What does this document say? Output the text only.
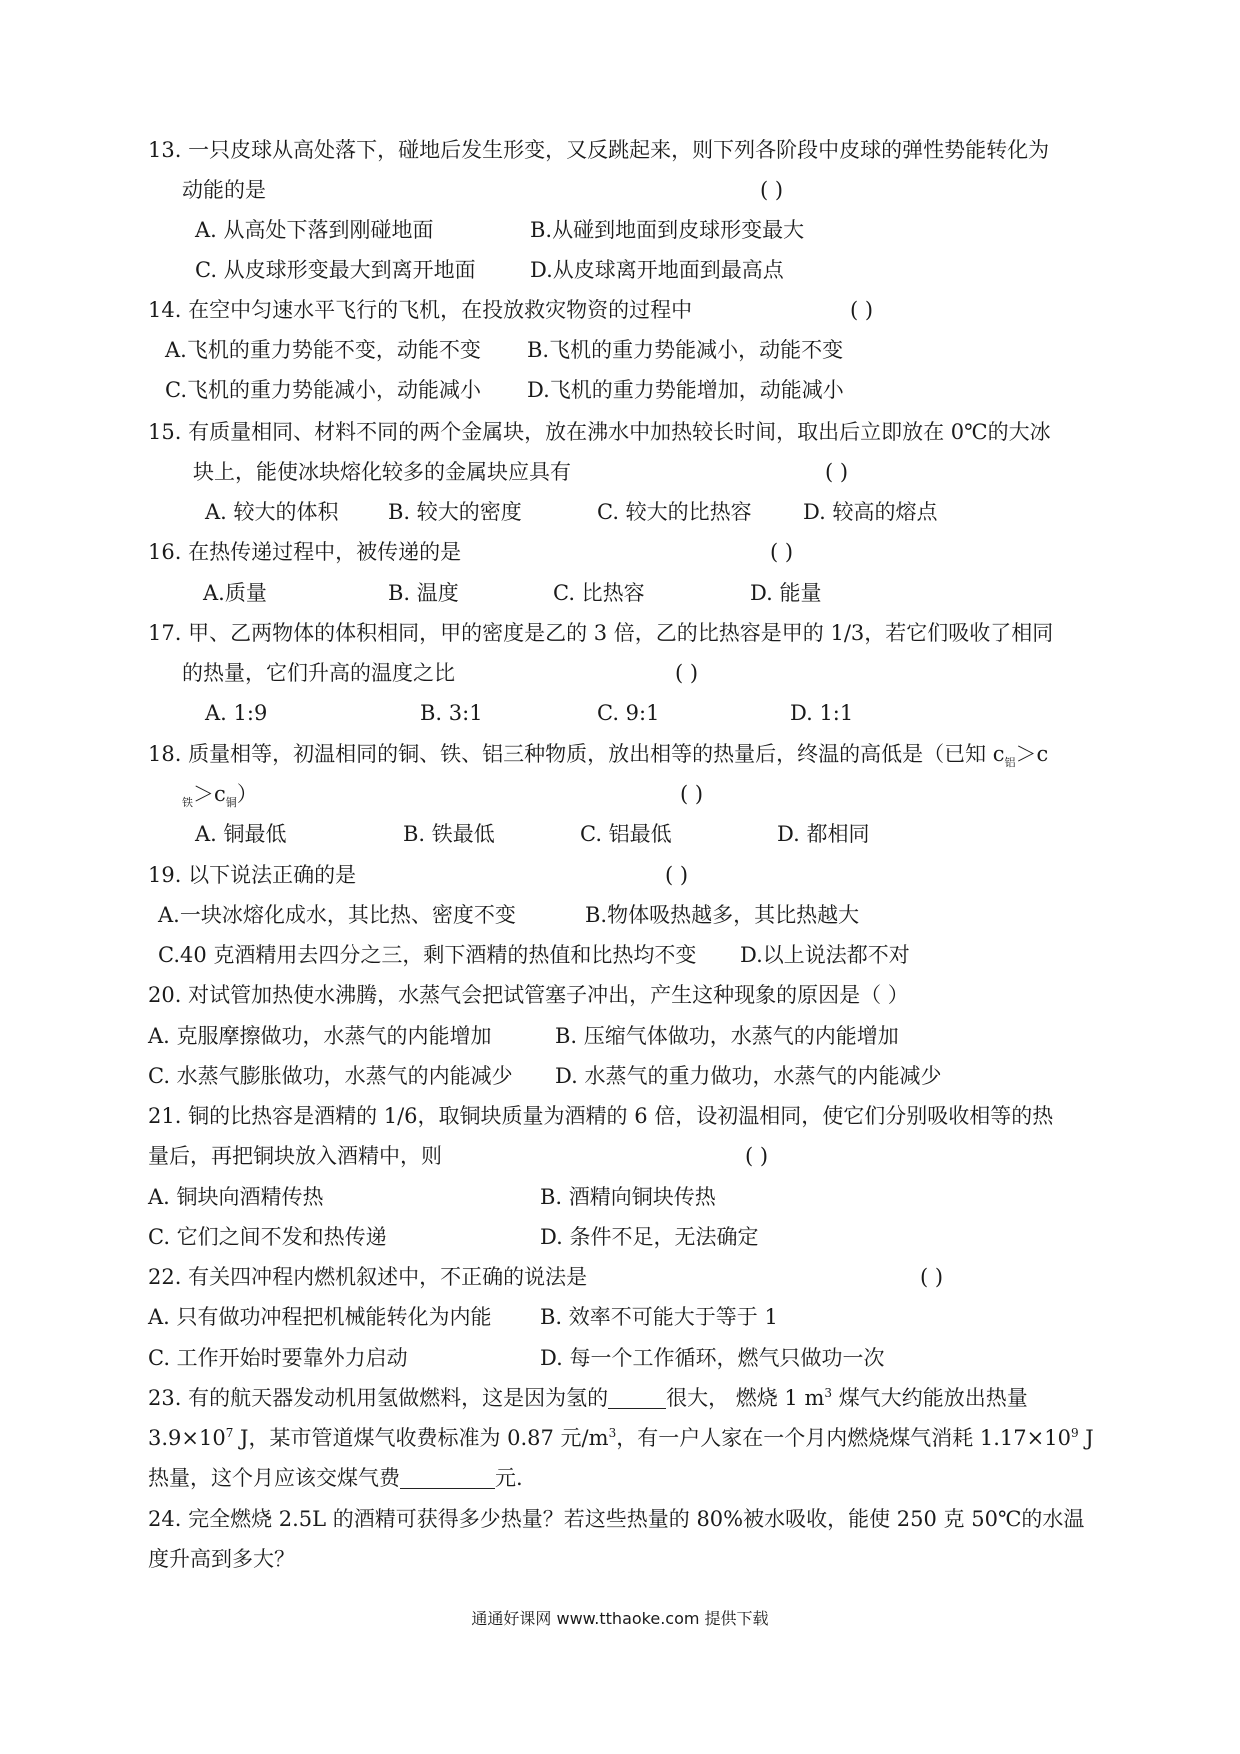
13. 一只皮球从高处落下，碰地后发生形变，又反跳起来，则下列各阶段中皮球的弹性势能转化为
动能的是	( )
A. 从高处下落到刚碰地面	B.从碰到地面到皮球形变最大
C. 从皮球形变最大到离开地面	D.从皮球离开地面到最高点
14. 在空中匀速水平飞行的飞机，在投放救灾物资的过程中	( )
A.飞机的重力势能不变，动能不变 B.飞机的重力势能减小，动能不变
C.飞机的重力势能减小，动能减小 D.飞机的重力势能增加，动能减小
15. 有质量相同、材料不同的两个金属块，放在沸水中加热较长时间，取出后立即放在 0℃的大冰
块上，能使冰块熔化较多的金属块应具有	( )
A. 较大的体积 B. 较大的密度	C. 较大的比热容 D. 较高的熔点
16. 在热传递过程中，被传递的是	( )
A.质量	B. 温度	C. 比热容	D. 能量
17. 甲、乙两物体的体积相同，甲的密度是乙的 3 倍，乙的比热容是甲的 1/3，若它们吸收了相同
的热量，它们升高的温度之比	( )
A. 1:9	B. 3:1	C. 9:1	D. 1:1
18. 质量相等，初温相同的铜、铁、铝三种物质，放出相等的热量后，终温的高低是（已知 $c_铝>c$
$_铁>c_铜$）	( )
A. 铜最低	B. 铁最低	C. 铝最低	D. 都相同
19. 以下说法正确的是	( )
A.一块冰熔化成水，其比热、密度不变	B.物体吸热越多，其比热越大
C.40 克酒精用去四分之三，剩下酒精的热值和比热均不变 D.以上说法都不对
20. 对试管加热使水沸腾，水蒸气会把试管塞子冲出，产生这种现象的原因是（ ）
A. 克服摩擦做功，水蒸气的内能增加	B. 压缩气体做功，水蒸气的内能增加
C. 水蒸气膨胀做功，水蒸气的内能减少 D. 水蒸气的重力做功，水蒸气的内能减少
21. 铜的比热容是酒精的 1/6，取铜块质量为酒精的 6 倍，设初温相同，使它们分别吸收相等的热
量后，再把铜块放入酒精中，则	( )
A. 铜块向酒精传热	B. 酒精向铜块传热
C. 它们之间不发和热传递	D. 条件不足，无法确定
22. 有关四冲程内燃机叙述中，不正确的说法是	( )
A. 只有做功冲程把机械能转化为内能 B. 效率不可能大于等于 1
C. 工作开始时要靠外力启动	D. 每一个工作循环，燃气只做功一次
23. 有的航天器发动机用氢做燃料，这是因为氢的	很大， 燃烧 1 $m^3$ 煤气大约能放出热量
$3.9\times 10^7$ J，某市管道煤气收费标准为 0.87 元$/m^3$，有一户人家在一个月内燃烧煤气消耗 $1.17\times 10^9$ J
热量，这个月应该交煤气费	元.
24. 完全燃烧 2.5L 的酒精可获得多少热量？若这些热量的 80%被水吸收，能使 250 克 50℃的水温
度升高到多大？
通通好课网 www.tthaoke.com 提供下载
